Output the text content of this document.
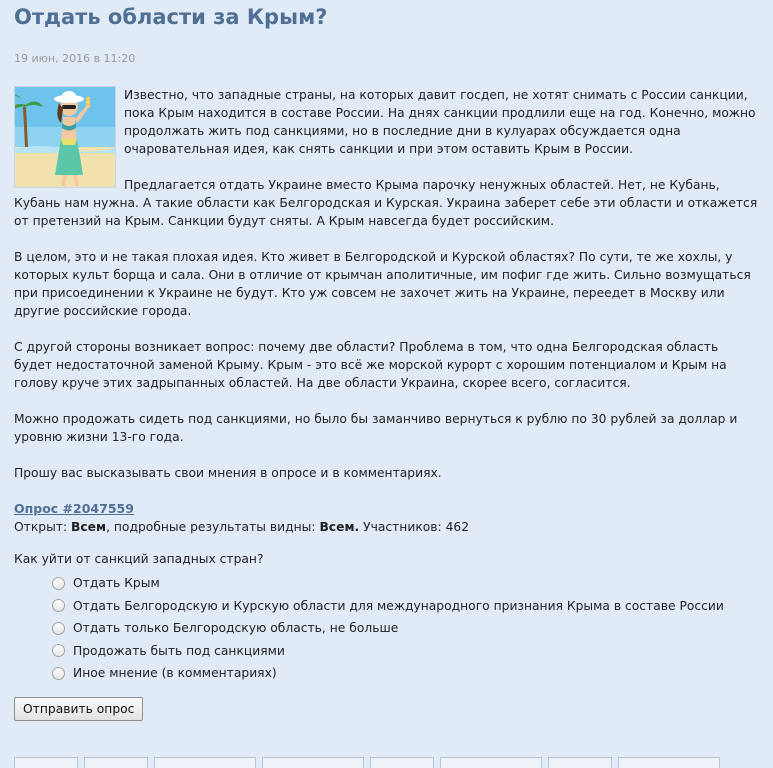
Отдать области за Крым?
19 июн, 2016 в 11:20

Известно, что западные страны, на которых давит госдеп, не хотят снимать с России санкции, пока Крым находится в составе России. На днях санкции продлили еще на год. Конечно, можно продолжать жить под санкциями, но в последние дни в кулуарах обсуждается одна очаровательная идея, как снять санкции и при этом оставить Крым в России.

Предлагается отдать Украине вместо Крыма парочку ненужных областей. Нет, не Кубань, Кубань нам нужна. А такие области как Белгородская и Курская. Украина заберет себе эти области и откажется от претензий на Крым. Санкции будут сняты. А Крым навсегда будет российским.

В целом, это и не такая плохая идея. Кто живет в Белгородской и Курской областях? По сути, те же хохлы, у которых культ борща и сала. Они в отличие от крымчан аполитичные, им пофиг где жить. Сильно возмущаться при присоединении к Украине не будут. Кто уж совсем не захочет жить на Украине, переедет в Москву или другие российские города.

С другой стороны возникает вопрос: почему две области? Проблема в том, что одна Белгородская область будет недостаточной заменой Крыму. Крым - это всё же морской курорт с хорошим потенциалом и Крым на голову круче этих задрыпанных областей. На две области Украина, скорее всего, согласится.

Можно продожать сидеть под санкциями, но было бы заманчиво вернуться к рублю по 30 рублей за доллар и уровню жизни 13-го года.

Прошу вас высказывать свои мнения в опросе и в комментариях.

Опрос #2047559
Открыт: Всем, подробные результаты видны: Всем. Участников: 462
Как уйти от санкций западных стран?
Отдать Крым
Отдать Белгородскую и Курскую области для международного признания Крыма в составе России
Отдать только Белгородскую область, не больше
Продожать быть под санкциями
Иное мнение (в комментариях)
Отправить опрос
